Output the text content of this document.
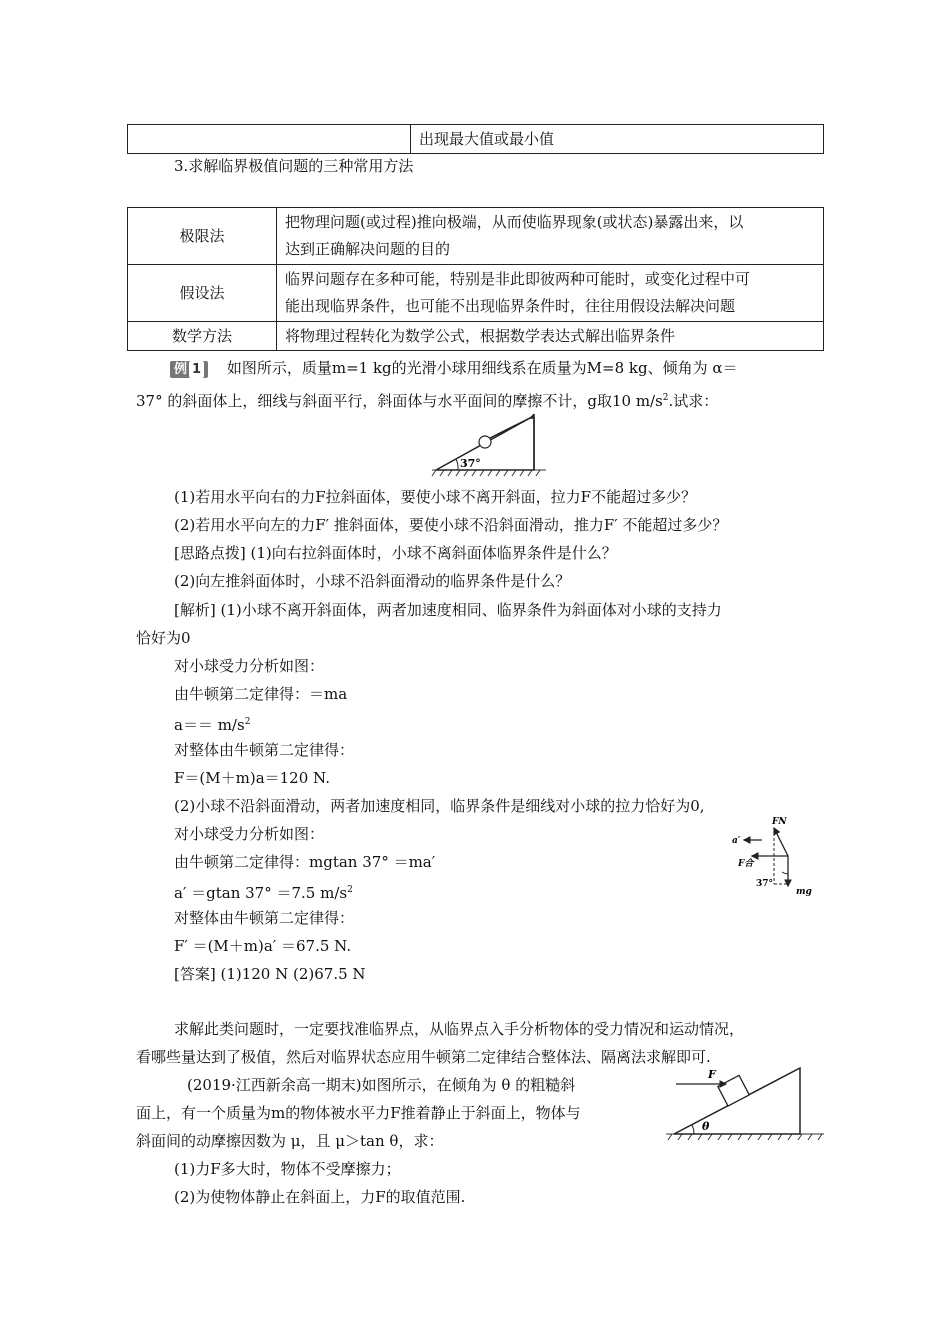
	出现最大值或最小值
3.求解临界极值问题的三种常用方法
极限法	把物理问题(或过程)推向极端，从而使临界现象(或状态)暴露出来，以
达到正确解决问题的目的

假设法	临界问题存在多种可能，特别是非此即彼两种可能时，或变化过程中可
能出现临界条件，也可能不出现临界条件时，往往用假设法解决问题

数学方法	将物理过程转化为数学公式，根据数学表达式解出临界条件
例 1 如图所示，质量m=1 kg的光滑小球用细线系在质量为M=8 kg、倾角为 α＝
37° 的斜面体上，细线与斜面平行，斜面体与水平面间的摩擦不计，g取10 $m/s^2$.试求：
37°
(1)若用水平向右的力F拉斜面体，要使小球不离开斜面，拉力F不能超过多少？
(2)若用水平向左的力F′ 推斜面体，要使小球不沿斜面滑动，推力F′ 不能超过多少？
[思路点拨] (1)向右拉斜面体时，小球不离斜面体临界条件是什么？
(2)向左推斜面体时，小球不沿斜面滑动的临界条件是什么？
[解析] (1)小球不离开斜面体，两者加速度相同、临界条件为斜面体对小球的支持力
恰好为0
对小球受力分析如图：
由牛顿第二定律得：＝ma
$a== m/s^2$
对整体由牛顿第二定律得：
F＝(M＋m)a＝120 N.
(2)小球不沿斜面滑动，两者加速度相同，临界条件是细线对小球的拉力恰好为0,
对小球受力分析如图：
由牛顿第二定律得：mgtan 37° ＝ma′
a′ ＝gtan 37° ＝7.5 $m/s^2$
对整体由牛顿第二定律得：
F′ ＝(M＋m)a′ ＝67.5 N.
[答案] (1)120 N (2)67.5 N
FN
a′
F合
37°
mg
求解此类问题时，一定要找准临界点，从临界点入手分析物体的受力情况和运动情况，
看哪些量达到了极值，然后对临界状态应用牛顿第二定律结合整体法、隔离法求解即可.
(2019·江西新余高一期末)如图所示，在倾角为 θ 的粗糙斜
面上，有一个质量为m的物体被水平力F推着静止于斜面上，物体与
斜面间的动摩擦因数为 μ，且 μ＞tan θ，求：
(1)力F多大时，物体不受摩擦力；
(2)为使物体静止在斜面上，力F的取值范围.
F
θ
